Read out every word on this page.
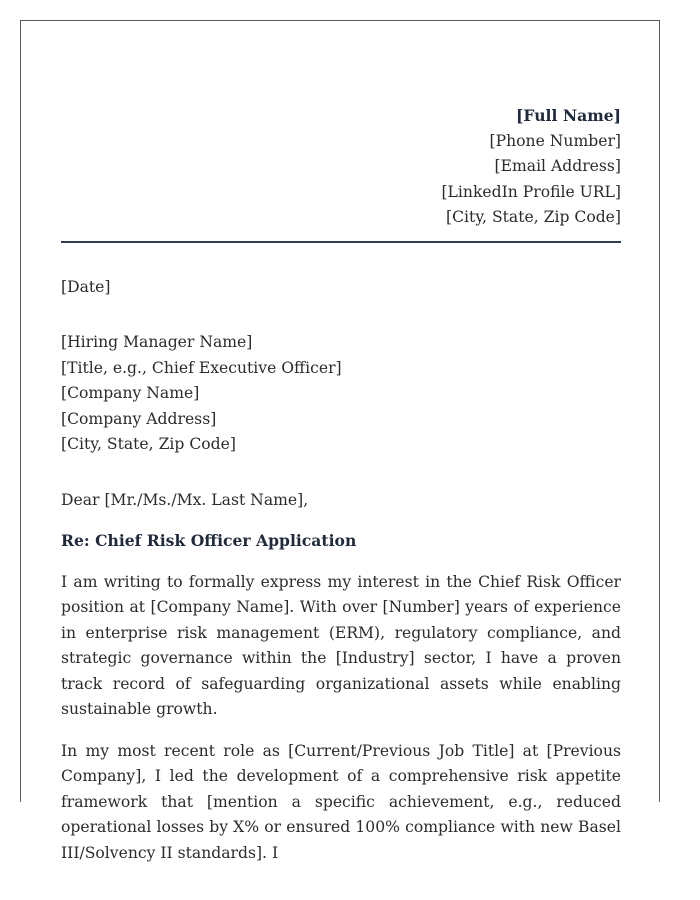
[Full Name]
[Phone Number]
[Email Address]
[LinkedIn Profile URL]
[City, State, Zip Code]
[Date]
[Hiring Manager Name]
[Title, e.g., Chief Executive Officer]
[Company Name]
[Company Address]
[City, State, Zip Code]
Dear [Mr./Ms./Mx. Last Name],
Re: Chief Risk Officer Application
I am writing to formally express my interest in the Chief Risk Officer position at [Company Name]. With over [Number] years of experience in enterprise risk management (ERM), regulatory compliance, and strategic governance within the [Industry] sector, I have a proven track record of safeguarding organizational assets while enabling sustainable growth.
In my most recent role as [Current/Previous Job Title] at [Previous Company], I led the development of a comprehensive risk appetite framework that [mention a specific achievement, e.g., reduced operational losses by X% or ensured 100% compliance with new Basel III/Solvency II standards]. I
